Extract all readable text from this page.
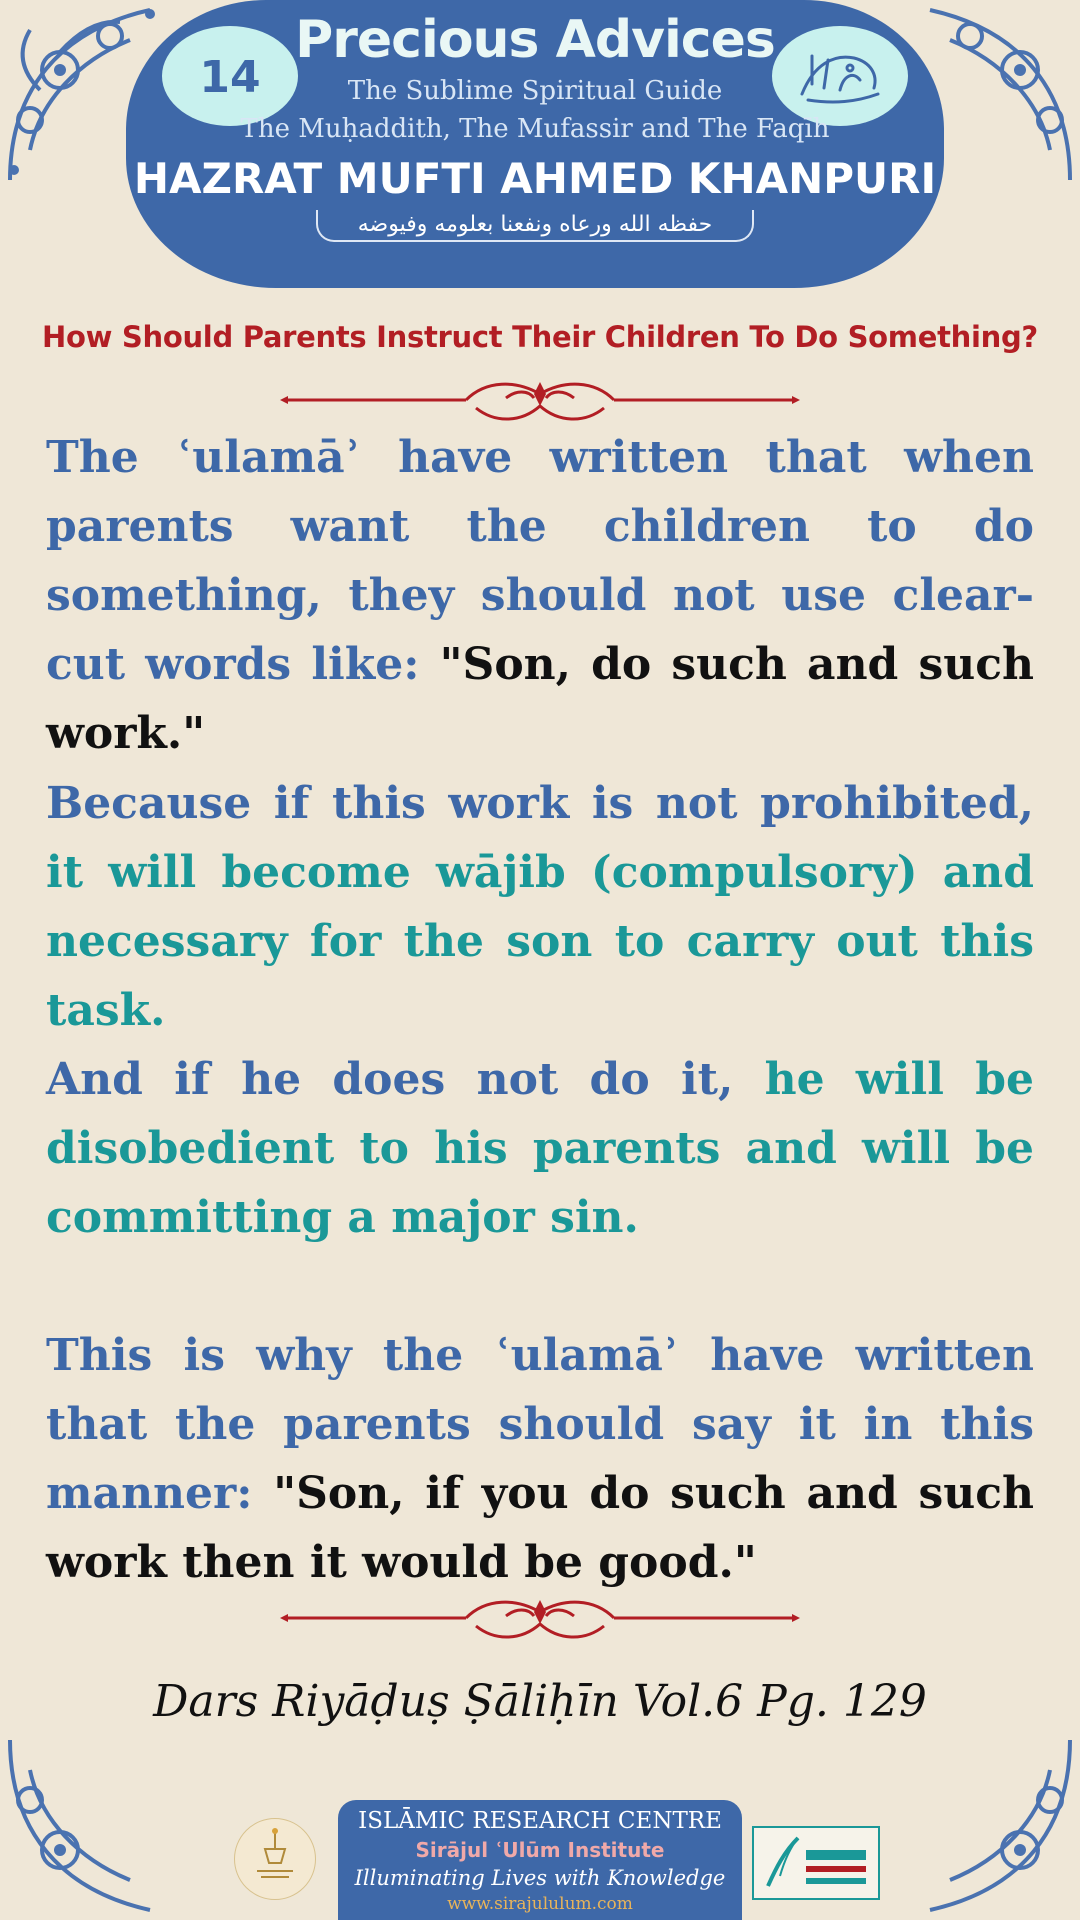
14
Precious Advices
The Sublime Spiritual Guide
The Muḥaddith, The Mufassir and The Faqīh
HAZRAT MUFTI AHMED KHANPURI
حفظه الله ورعاه ونفعنا بعلومه وفيوضه
How Should Parents Instruct Their Children To Do Something?
The ʿulamāʾ have written that when parents want the children to do something, they should not use clear-cut words like: "Son, do such and such work."
Because if this work is not prohibited, it will become wājib (compulsory) and necessary for the son to carry out this task.
And if he does not do it, he will be disobedient to his parents and will be committing a major sin.
This is why the ʿulamāʾ have written that the parents should say it in this manner: "Son, if you do such and such work then it would be good."
Dars Riyāḍuṣ Ṣāliḥīn Vol.6 Pg. 129
ISLĀMIC RESEARCH CENTRE
Sirājul ʿUlūm Institute
Illuminating Lives with Knowledge
www.sirajululum.com
